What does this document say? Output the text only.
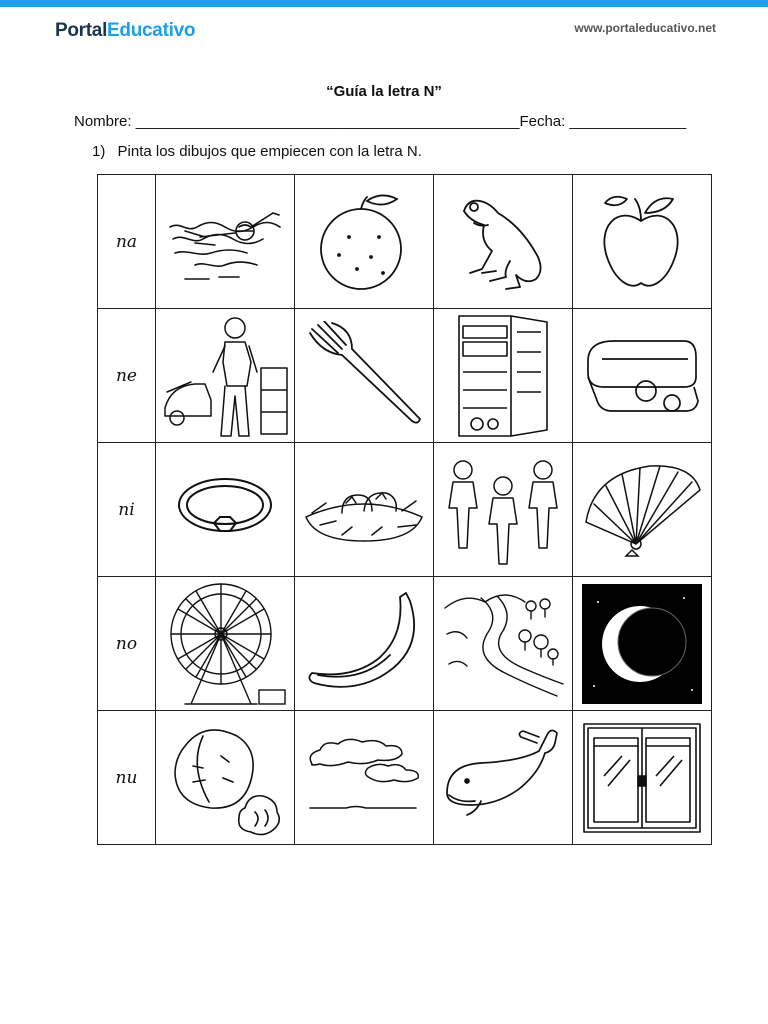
PortalEducativo	www.portaleducativo.net
“Guía la letra N”
Nombre: ______________________________________________Fecha: ______________
1) Pinta los dibujos que empiecen con la letra N.
na	

ne	

ni	

no	

nu	
